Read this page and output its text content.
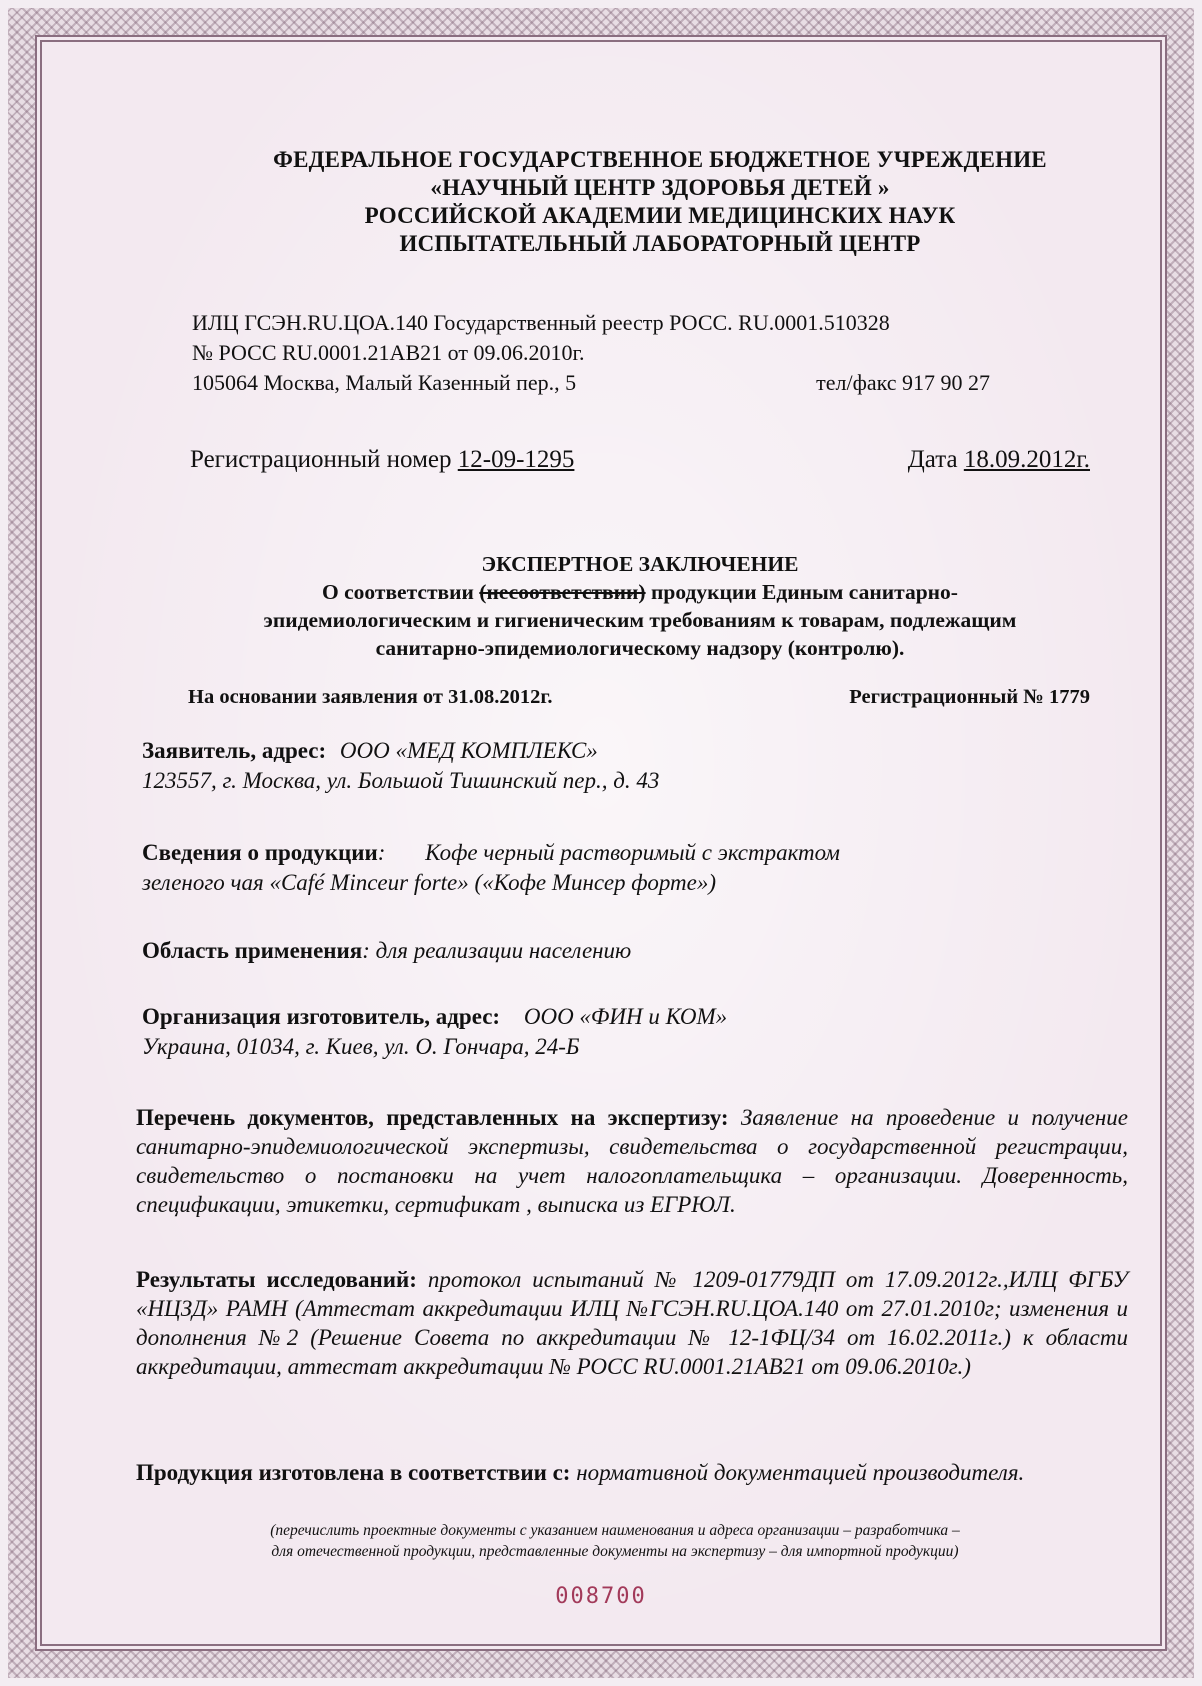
ФЕДЕРАЛЬНОЕ ГОСУДАРСТВЕННОЕ БЮДЖЕТНОЕ УЧРЕЖДЕНИЕ
«НАУЧНЫЙ ЦЕНТР ЗДОРОВЬЯ ДЕТЕЙ »
РОССИЙСКОЙ АКАДЕМИИ МЕДИЦИНСКИХ НАУК
ИСПЫТАТЕЛЬНЫЙ ЛАБОРАТОРНЫЙ ЦЕНТР
ИЛЦ ГСЭН.RU.ЦОА.140 Государственный реестр РОСС. RU.0001.510328
№ РОСС RU.0001.21АВ21 от 09.06.2010г.
105064 Москва, Малый Казенный пер., 5	тел/факс 917 90 27
Регистрационный номер 12-09-1295	Дата 18.09.2012г.
ЭКСПЕРТНОЕ ЗАКЛЮЧЕНИЕ
О соответствии (несоответствии) продукции Единым санитарно-
эпидемиологическим и гигиеническим требованиям к товарам, подлежащим
санитарно-эпидемиологическому надзору (контролю).
На основании заявления от 31.08.2012г.	Регистрационный № 1779
Заявитель, адрес: ООО «МЕД КОМПЛЕКС»
123557, г. Москва, ул. Большой Тишинский пер., д. 43
Сведения о продукции: Кофе черный растворимый с экстрактом
зеленого чая «Café Minceur forte» («Кофе Минсер форте»)
Область применения: для реализации населению
Организация изготовитель, адрес: ООО «ФИН и КОМ»
Украина, 01034, г. Киев, ул. О. Гончара, 24-Б
Перечень документов, представленных на экспертизу: Заявление на проведение и получение санитарно-эпидемиологической экспертизы, свидетельства о государственной регистрации, свидетельство о постановки на учет налогоплательщика – организации. Доверенность, спецификации, этикетки, сертификат , выписка из ЕГРЮЛ.
Результаты исследований: протокол испытаний № 1209-01779ДП от 17.09.2012г.,ИЛЦ ФГБУ «НЦЗД» РАМН (Аттестат аккредитации ИЛЦ №ГСЭН.RU.ЦОА.140 от 27.01.2010г; изменения и дополнения №2 (Решение Совета по аккредитации № 12-1ФЦ/34 от 16.02.2011г.) к области аккредитации, аттестат аккредитации № РОСС RU.0001.21АВ21 от 09.06.2010г.)
Продукция изготовлена в соответствии с: нормативной документацией производителя.
(перечислить проектные документы с указанием наименования и адреса организации – разработчика –
для отечественной продукции, представленные документы на экспертизу – для импортной продукции)
008700
